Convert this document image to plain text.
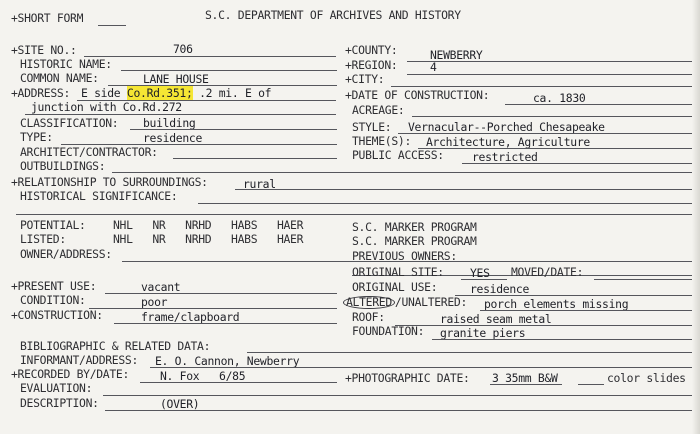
+SHORT FORM	S.C. DEPARTMENT OF ARCHIVES AND HISTORY
+SITE NO.:	706
HISTORIC NAME:
COMMON NAME:	LANE HOUSE
+ADDRESS: E side Co.Rd.351; .2 mi. E of
junction with Co.Rd.272
CLASSIFICATION: building
TYPE:	residence
ARCHITECT/CONTRACTOR:
OUTBUILDINGS:
+RELATIONSHIP TO SURROUNDINGS:	rural
HISTORICAL SIGNIFICANCE:
+COUNTY:	NEWBERRY
+REGION:	4
+CITY:
+DATE OF CONSTRUCTION:	ca. 1830
ACREAGE:
STYLE: Vernacular--Porched Chesapeake
THEME(S): Architecture, Agriculture
PUBLIC ACCESS: restricted
POTENTIAL: NHL   NR   NRHD   HABS   HAER
LISTED:	NHL   NR   NRHD   HABS   HAER
S.C. MARKER PROGRAM
S.C. MARKER PROGRAM
OWNER/ADDRESS:	PREVIOUS OWNERS:
ORIGINAL SITE: YES MOVED/DATE:
ORIGINAL USE:	residence
ALTERED /UNALTERED: porch elements missing
ROOF:	raised seam metal
FOUNDATION: granite piers
+PRESENT USE:	vacant
CONDITION:	poor
+CONSTRUCTION:	frame/clapboard
BIBLIOGRAPHIC & RELATED DATA:
INFORMANT/ADDRESS: E. O. Cannon, Newberry
+RECORDED BY/DATE:	N. Fox   6/85	+PHOTOGRAPHIC DATE: 3 35mm B&W	color slides
EVALUATION:
DESCRIPTION:	(OVER)
